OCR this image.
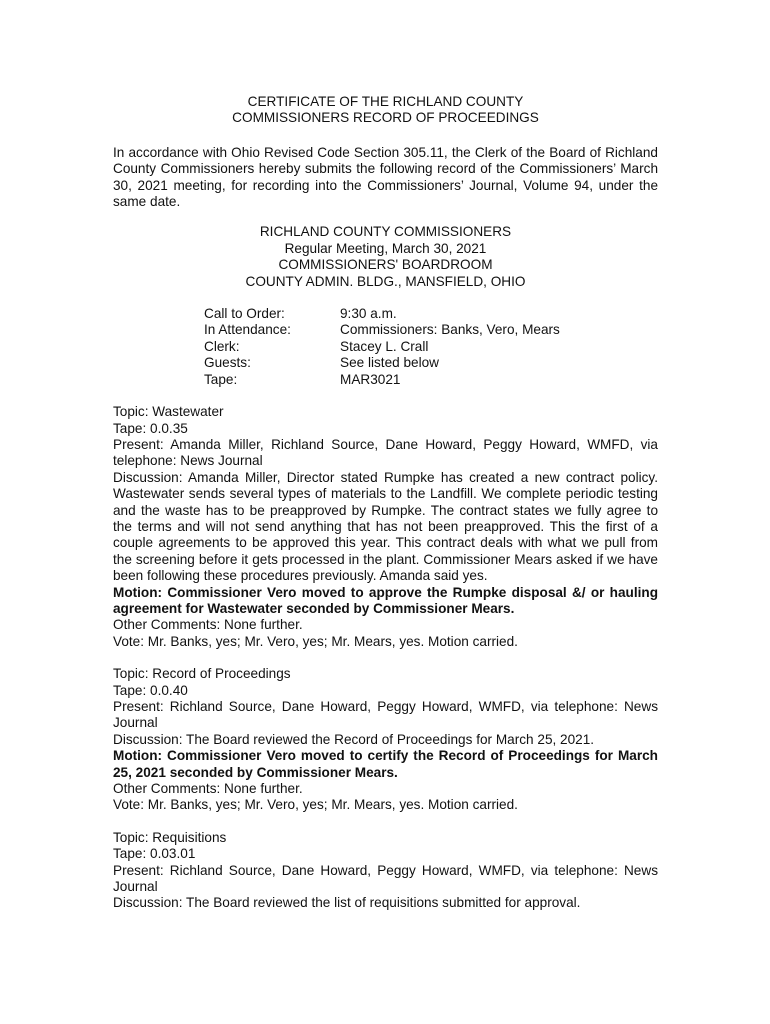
CERTIFICATE OF THE RICHLAND COUNTY
COMMISSIONERS RECORD OF PROCEEDINGS
In accordance with Ohio Revised Code Section 305.11, the Clerk of the Board of Richland County Commissioners hereby submits the following record of the Commissioners’ March 30, 2021 meeting, for recording into the Commissioners’ Journal, Volume 94, under the same date.
RICHLAND COUNTY COMMISSIONERS
Regular Meeting, March 30, 2021
COMMISSIONERS' BOARDROOM
COUNTY ADMIN. BLDG., MANSFIELD, OHIO
Call to Order:	9:30 a.m.
In Attendance:	Commissioners: Banks, Vero, Mears
Clerk:	Stacey L. Crall
Guests:	See listed below
Tape:	MAR3021
Topic: Wastewater
Tape: 0.0.35
Present: Amanda Miller, Richland Source, Dane Howard, Peggy Howard, WMFD, via telephone: News Journal
Discussion: Amanda Miller, Director stated Rumpke has created a new contract policy. Wastewater sends several types of materials to the Landfill. We complete periodic testing and the waste has to be preapproved by Rumpke. The contract states we fully agree to the terms and will not send anything that has not been preapproved. This the first of a couple agreements to be approved this year. This contract deals with what we pull from the screening before it gets processed in the plant. Commissioner Mears asked if we have been following these procedures previously. Amanda said yes.
Motion: Commissioner Vero moved to approve the Rumpke disposal &/ or hauling agreement for Wastewater seconded by Commissioner Mears.
Other Comments: None further.
Vote: Mr. Banks, yes; Mr. Vero, yes; Mr. Mears, yes. Motion carried.
Topic: Record of Proceedings
Tape: 0.0.40
Present: Richland Source, Dane Howard, Peggy Howard, WMFD, via telephone: News Journal
Discussion: The Board reviewed the Record of Proceedings for March 25, 2021.
Motion: Commissioner Vero moved to certify the Record of Proceedings for March 25, 2021 seconded by Commissioner Mears.
Other Comments: None further.
Vote: Mr. Banks, yes; Mr. Vero, yes; Mr. Mears, yes. Motion carried.
Topic: Requisitions
Tape: 0.03.01
Present: Richland Source, Dane Howard, Peggy Howard, WMFD, via telephone: News Journal
Discussion: The Board reviewed the list of requisitions submitted for approval.
